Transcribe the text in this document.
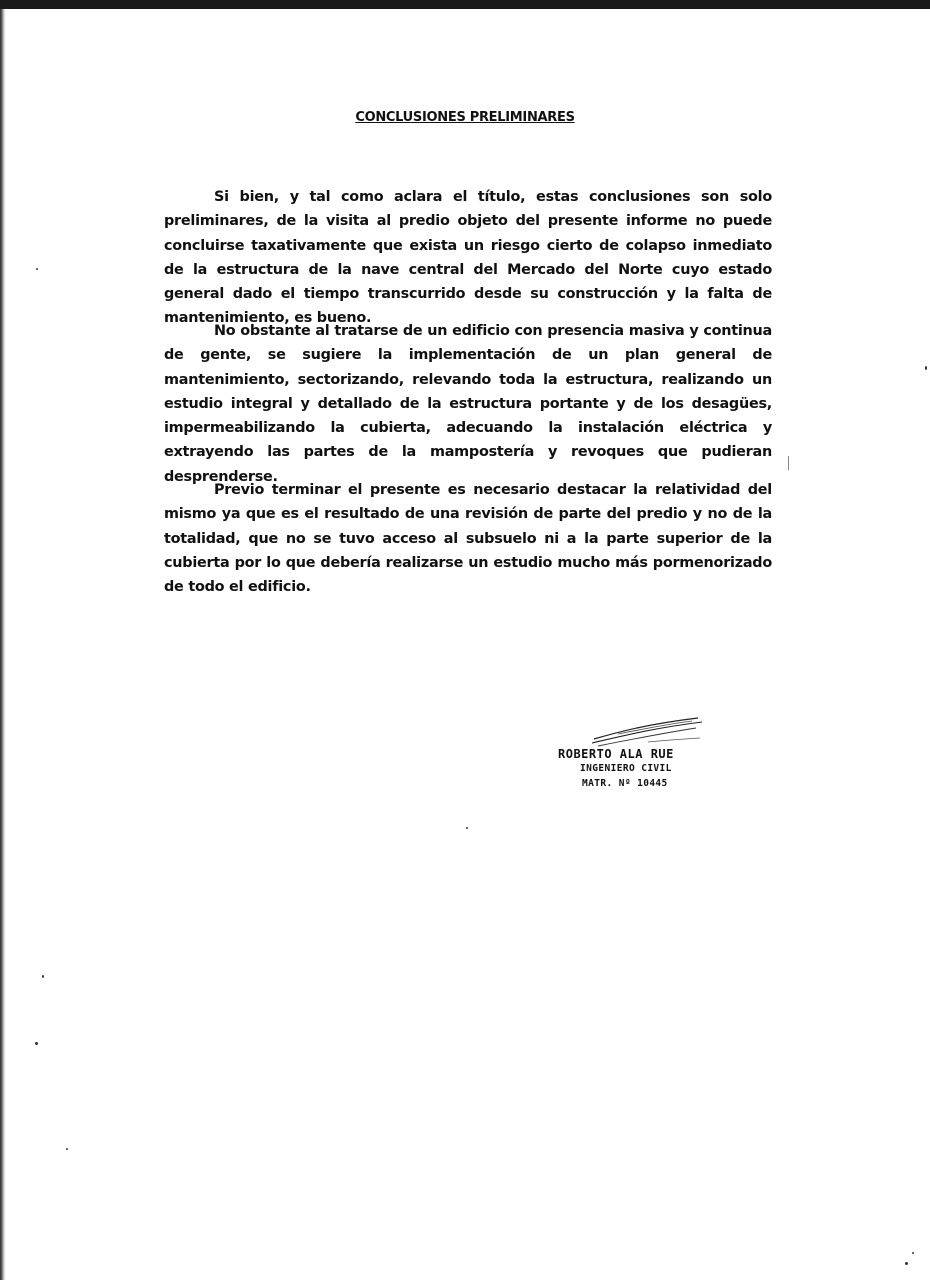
CONCLUSIONES PRELIMINARES

Si bien, y tal como aclara el título, estas conclusiones son solo preliminares, de la visita al predio objeto del presente informe no puede concluirse taxativamente que exista un riesgo cierto de colapso inmediato de la estructura de la nave central del Mercado del Norte cuyo estado general dado el tiempo transcurrido desde su construcción y la falta de mantenimiento, es bueno.

No obstante al tratarse de un edificio con presencia masiva y continua de gente, se sugiere la implementación de un plan general de mantenimiento, sectorizando, relevando toda la estructura, realizando un estudio integral y detallado de la estructura portante y de los desagües, impermeabilizando la cubierta, adecuando la instalación eléctrica y extrayendo las partes de la mampostería y revoques que pudieran desprenderse.

Previo terminar el presente es necesario destacar la relatividad del mismo ya que es el resultado de una revisión de parte del predio y no de la totalidad, que no se tuvo acceso al subsuelo ni a la parte superior de la cubierta por lo que debería realizarse un estudio mucho más pormenorizado de todo el edificio.

ROBERTO ALA RUE

INGENIERO CIVIL

MATR. Nº 10445
